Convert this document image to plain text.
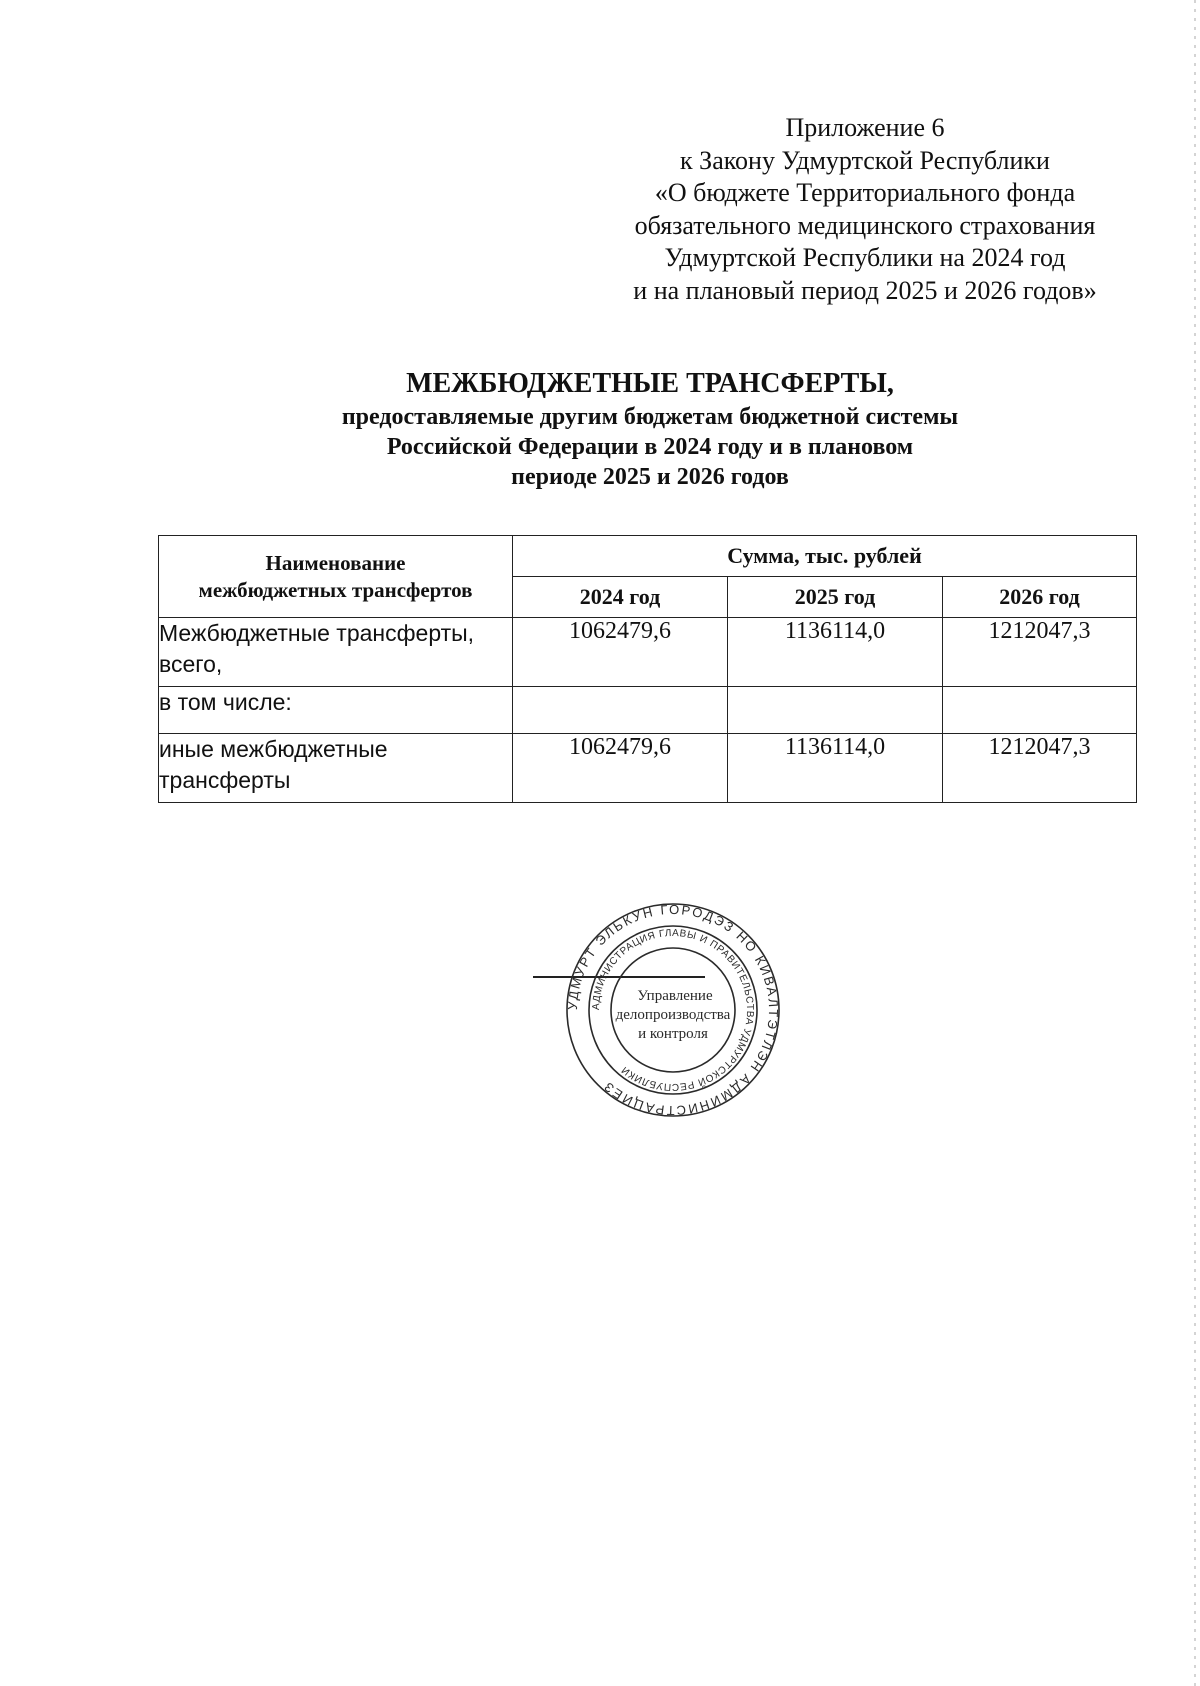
Приложение 6
к Закону Удмуртской Республики
«О бюджете Территориального фонда
обязательного медицинского страхования
Удмуртской Республики на 2024 год
и на плановый период 2025 и 2026 годов»
МЕЖБЮДЖЕТНЫЕ ТРАНСФЕРТЫ,
предоставляемые другим бюджетам бюджетной системы
Российской Федерации в 2024 году и в плановом
периоде 2025 и 2026 годов
Наименование
межбюджетных трансфертов	Сумма, тыс. рублей		
	2024 год	2025 год	2026 год
Межбюджетные трансферты, всего,	1062479,6	1136114,0	1212047,3
в том числе:			
иные межбюджетные трансферты	1062479,6	1136114,0	1212047,3
УДМУРТ ЭЛЬКУН ГОРОДЭЗ НО КИВАЛТЭТЛЭН АДМИНИСТРАЦИЕЗ
АДМИНИСТРАЦИЯ ГЛАВЫ И ПРАВИТЕЛЬСТВА УДМУРТСКОЙ РЕСПУБЛИКИ
Управление
делопроизводства
и контроля
